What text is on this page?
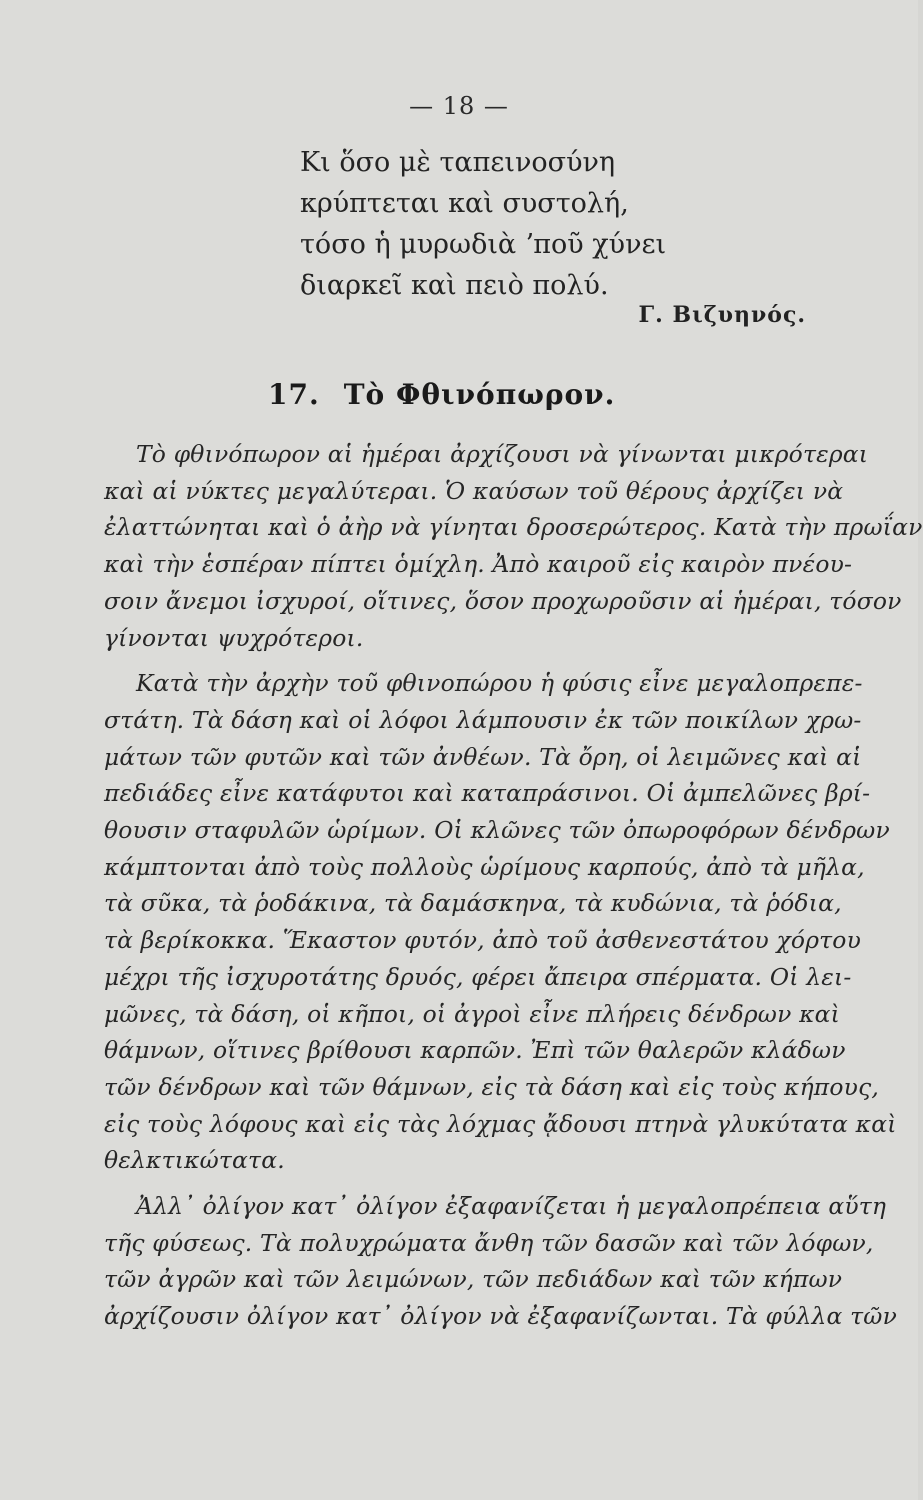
— 18 —
Κι ὅσο μὲ ταπεινοσύνη
κρύπτεται καὶ συστολή,
τόσο ἡ μυρωδιὰ ʼποῦ χύνει
διαρκεῖ καὶ πειὸ πολύ.
Γ. Βιζυηνός.
17. Τὸ Φθινόπωρον.
Τὸ φθινόπωρον αἱ ἡμέραι ἀρχίζουσι νὰ γίνωνται μικρότεραι
καὶ αἱ νύκτες μεγαλύτεραι. Ὁ καύσων τοῦ θέρους ἀρχίζει νὰ
ἐλαττώνηται καὶ ὁ ἀὴρ νὰ γίνηται δροσερώτερος. Κατὰ τὴν πρωΐαν
καὶ τὴν ἑσπέραν πίπτει ὁμίχλη. Ἀπὸ καιροῦ εἰς καιρὸν πνέου-
σοιν ἄνεμοι ἰσχυροί, οἵτινες, ὅσον προχωροῦσιν αἱ ἡμέραι, τόσον
γίνονται ψυχρότεροι.
Κατὰ τὴν ἀρχὴν τοῦ φθινοπώρου ἡ φύσις εἶνε μεγαλοπρεπε-
στάτη. Τὰ δάση καὶ οἱ λόφοι λάμπουσιν ἐκ τῶν ποικίλων χρω-
μάτων τῶν φυτῶν καὶ τῶν ἀνθέων. Τὰ ὄρη, οἱ λειμῶνες καὶ αἱ
πεδιάδες εἶνε κατάφυτοι καὶ καταπράσινοι. Οἱ ἀμπελῶνες βρί-
θουσιν σταφυλῶν ὡρίμων. Οἱ κλῶνες τῶν ὀπωροφόρων δένδρων
κάμπτονται ἀπὸ τοὺς πολλοὺς ὡρίμους καρπούς, ἀπὸ τὰ μῆλα,
τὰ σῦκα, τὰ ῥοδάκινα, τὰ δαμάσκηνα, τὰ κυδώνια, τὰ ῥόδια,
τὰ βερίκοκκα. Ἕκαστον φυτόν, ἀπὸ τοῦ ἀσθενεστάτου χόρτου
μέχρι τῆς ἰσχυροτάτης δρυός, φέρει ἄπειρα σπέρματα. Οἱ λει-
μῶνες, τὰ δάση, οἱ κῆποι, οἱ ἀγροὶ εἶνε πλήρεις δένδρων καὶ
θάμνων, οἵτινες βρίθουσι καρπῶν. Ἐπὶ τῶν θαλερῶν κλάδων
τῶν δένδρων καὶ τῶν θάμνων, εἰς τὰ δάση καὶ εἰς τοὺς κήπους,
εἰς τοὺς λόφους καὶ εἰς τὰς λόχμας ᾄδουσι πτηνὰ γλυκύτατα καὶ
θελκτικώτατα.
Ἀλλ᾿ ὀλίγον κατ᾿ ὀλίγον ἐξαφανίζεται ἡ μεγαλοπρέπεια αὕτη
τῆς φύσεως. Τὰ πολυχρώματα ἄνθη τῶν δασῶν καὶ τῶν λόφων,
τῶν ἀγρῶν καὶ τῶν λειμώνων, τῶν πεδιάδων καὶ τῶν κήπων
ἀρχίζουσιν ὀλίγον κατ᾿ ὀλίγον νὰ ἐξαφανίζωνται. Τὰ φύλλα τῶν
